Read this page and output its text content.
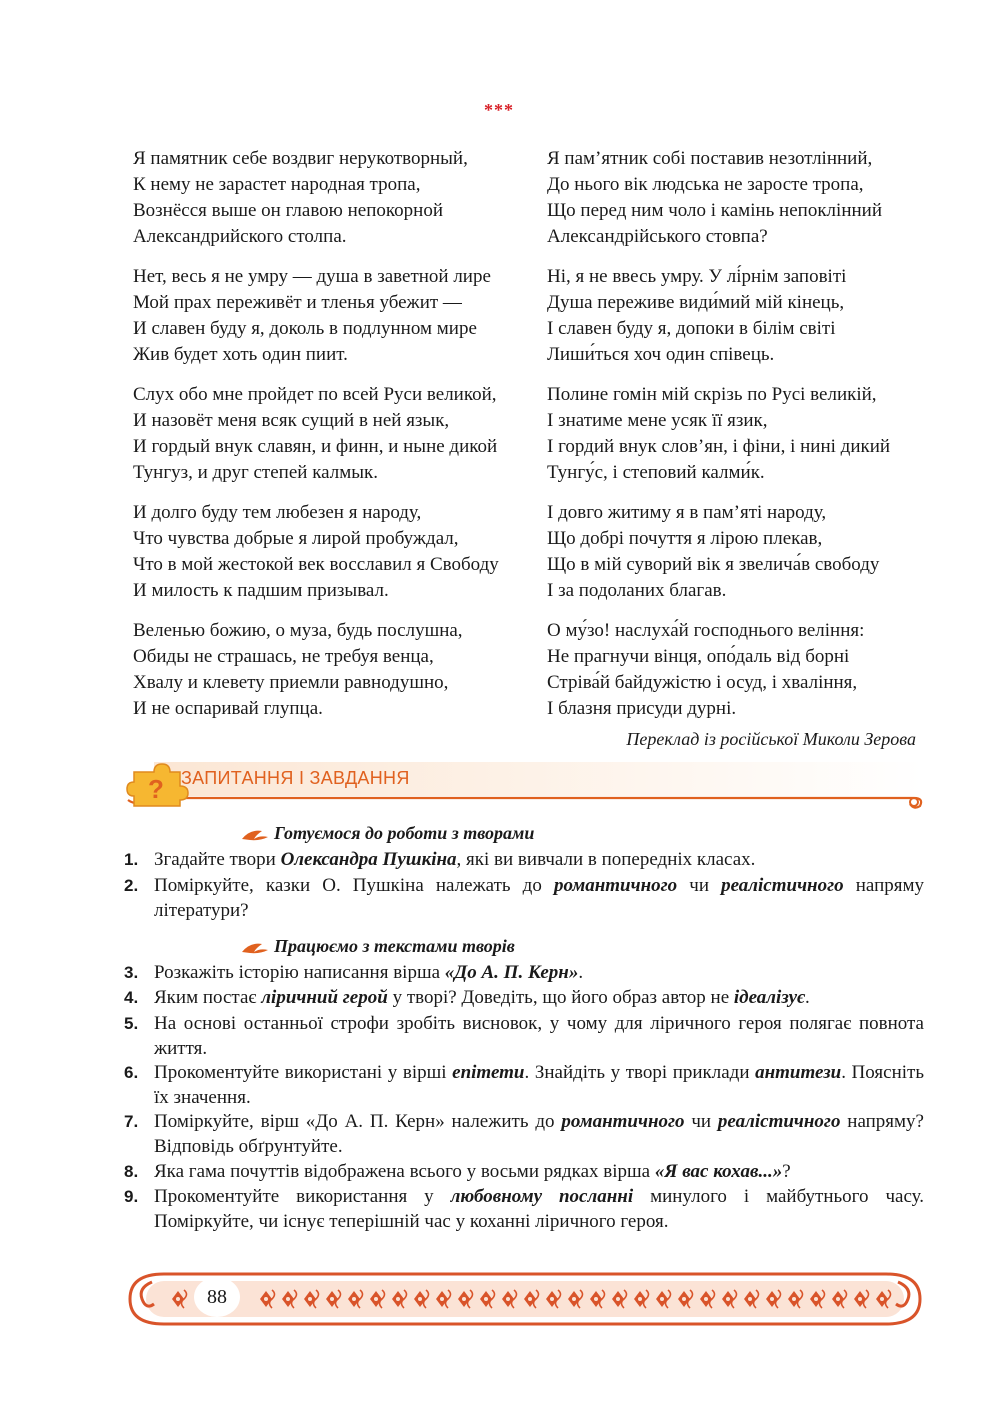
***
Я памятник себе воздвиг нерукотворный,
К нему не зарастет народная тропа,
Вознёсся выше он главою непокорной
Александрийского столпа.
Нет, весь я не умру — душа в заветной лире
Мой прах переживёт и тленья убежит —
И славен буду я, доколь в подлунном мире
Жив будет хоть один пиит.
Слух обо мне пройдет по всей Руси великой,
И назовёт меня всяк сущий в ней язык,
И гордый внук славян, и финн, и ныне дикой
Тунгуз, и друг степей калмык.
И долго буду тем любезен я народу,
Что чувства добрые я лирой пробуждал,
Что в мой жестокой век восславил я Свободу
И милость к падшим призывал.
Веленью божию, о муза, будь послушна,
Обиды не страшась, не требуя венца,
Хвалу и клевету приемли равнодушно,
И не оспаривай глупца.
Я пам’ятник собі поставив незотлінний,
До нього вік людська не заросте тропа,
Що перед ним чоло і камінь непоклінний
Александрійського стовпа?
Ні, я не ввесь умру. У лі́рнім заповіті
Душа переживе види́мий мій кінець,
І славен буду я, допоки в білім світі
Лиши́ться хоч один співець.
Полине гомін мій скрізь по Русі великій,
І знатиме мене усяк її язик,
І гордий внук слов’ян, і фіни, і нині дикий
Тунгу́с, і степовий калми́к.
І довго житиму я в пам’яті народу,
Що добрі почуття я лірою плекав,
Що в мій суворий вік я звелича́в свободу
І за подоланих благав.
О му́зо! наслуха́й господнього веління:
Не прагнучи вінця, опо́даль від борні
Стріва́й байдужістю і осуд, і хваління,
І блазня присуди дурні.
Переклад із російської Миколи Зерова
? ЗАПИТАННЯ І ЗАВДАННЯ
Готуємося до роботи з творами
Працюємо з текстами творів
1. Згадайте твори Олександра Пушкіна, які ви вивчали в попередніх класах.
2. Поміркуйте, казки О. Пушкіна належать до романтичного чи реалістичного напряму літератури?
3. Розкажіть історію написання вірша «До А. П. Керн».
4. Яким постає ліричний герой у творі? Доведіть, що його образ автор не ідеалізує.
5. На основі останньої строфи зробіть висновок, у чому для ліричного героя полягає повнота життя.
6. Прокоментуйте використані у вірші епітети. Знайдіть у творі приклади антитези. Поясніть їх значення.
7. Поміркуйте, вірш «До А. П. Керн» належить до романтичного чи реалістичного напряму? Відповідь обґрунтуйте.
8. Яка гама почуттів відображена всього у восьми рядках вірша «Я вас кохав...»?
9. Прокоментуйте використання у любовному посланні минулого і майбутнього часу. Поміркуйте, чи існує теперішній час у коханні ліричного героя.
88
